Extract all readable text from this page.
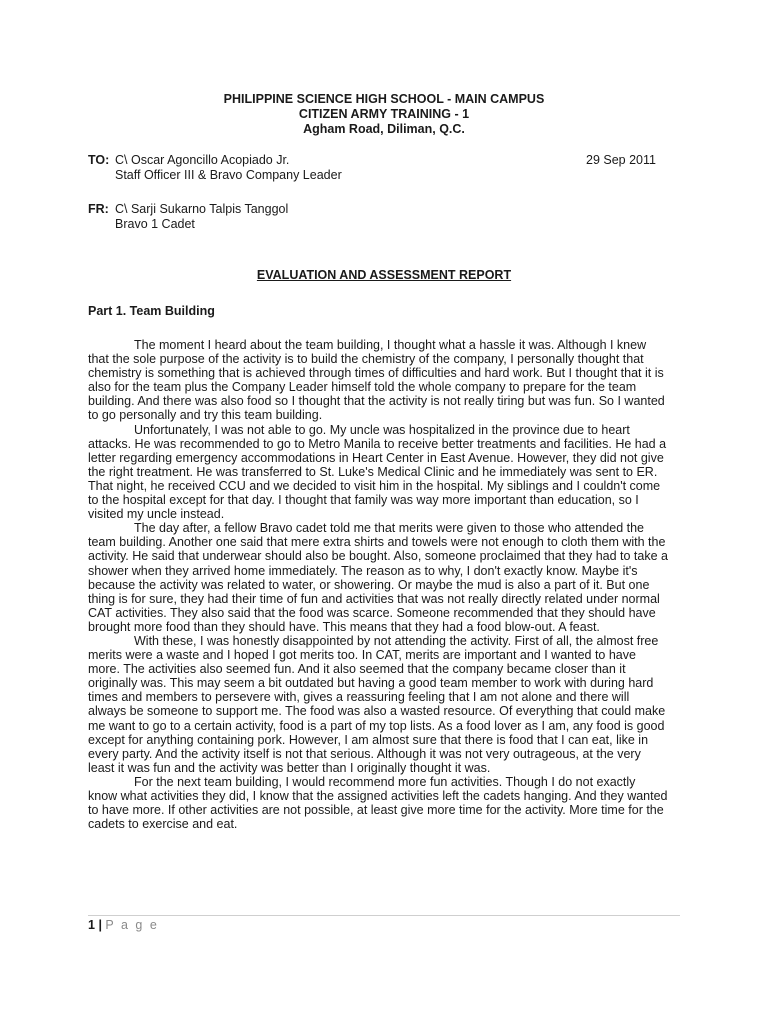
PHILIPPINE SCIENCE HIGH SCHOOL - MAIN CAMPUS
CITIZEN ARMY TRAINING - 1
Agham Road, Diliman, Q.C.
TO: C\ Oscar Agoncillo Acopiado Jr.	29 Sep 2011
Staff Officer III & Bravo Company Leader
FR: C\ Sarji Sukarno Talpis Tanggol
Bravo 1 Cadet
EVALUATION AND ASSESSMENT REPORT
Part 1. Team Building

The moment I heard about the team building, I thought what a hassle it was. Although I knew that the sole purpose of the activity is to build the chemistry of the company, I personally thought that chemistry is something that is achieved through times of difficulties and hard work. But I thought that it is also for the team plus the Company Leader himself told the whole company to prepare for the team building. And there was also food so I thought that the activity is not really tiring but was fun. So I wanted to go personally and try this team building.

Unfortunately, I was not able to go. My uncle was hospitalized in the province due to heart attacks. He was recommended to go to Metro Manila to receive better treatments and facilities. He had a letter regarding emergency accommodations in Heart Center in East Avenue. However, they did not give the right treatment. He was transferred to St. Luke's Medical Clinic and he immediately was sent to ER. That night, he received CCU and we decided to visit him in the hospital. My siblings and I couldn't come to the hospital except for that day. I thought that family was way more important than education, so I visited my uncle instead.

The day after, a fellow Bravo cadet told me that merits were given to those who attended the team building. Another one said that mere extra shirts and towels were not enough to cloth them with the activity. He said that underwear should also be bought. Also, someone proclaimed that they had to take a shower when they arrived home immediately. The reason as to why, I don't exactly know. Maybe it's because the activity was related to water, or showering. Or maybe the mud is also a part of it. But one thing is for sure, they had their time of fun and activities that was not really directly related under normal CAT activities. They also said that the food was scarce. Someone recommended that they should have brought more food than they should have. This means that they had a food blow-out. A feast.

With these, I was honestly disappointed by not attending the activity. First of all, the almost free merits were a waste and I hoped I got merits too. In CAT, merits are important and I wanted to have more. The activities also seemed fun. And it also seemed that the company became closer than it originally was. This may seem a bit outdated but having a good team member to work with during hard times and members to persevere with, gives a reassuring feeling that I am not alone and there will always be someone to support me. The food was also a wasted resource. Of everything that could make me want to go to a certain activity, food is a part of my top lists. As a food lover as I am, any food is good except for anything containing pork. However, I am almost sure that there is food that I can eat, like in every party. And the activity itself is not that serious. Although it was not very outrageous, at the very least it was fun and the activity was better than I originally thought it was.

For the next team building, I would recommend more fun activities. Though I do not exactly know what activities they did, I know that the assigned activities left the cadets hanging. And they wanted to have more. If other activities are not possible, at least give more time for the activity. More time for the cadets to exercise and eat.

1 | P a g e
